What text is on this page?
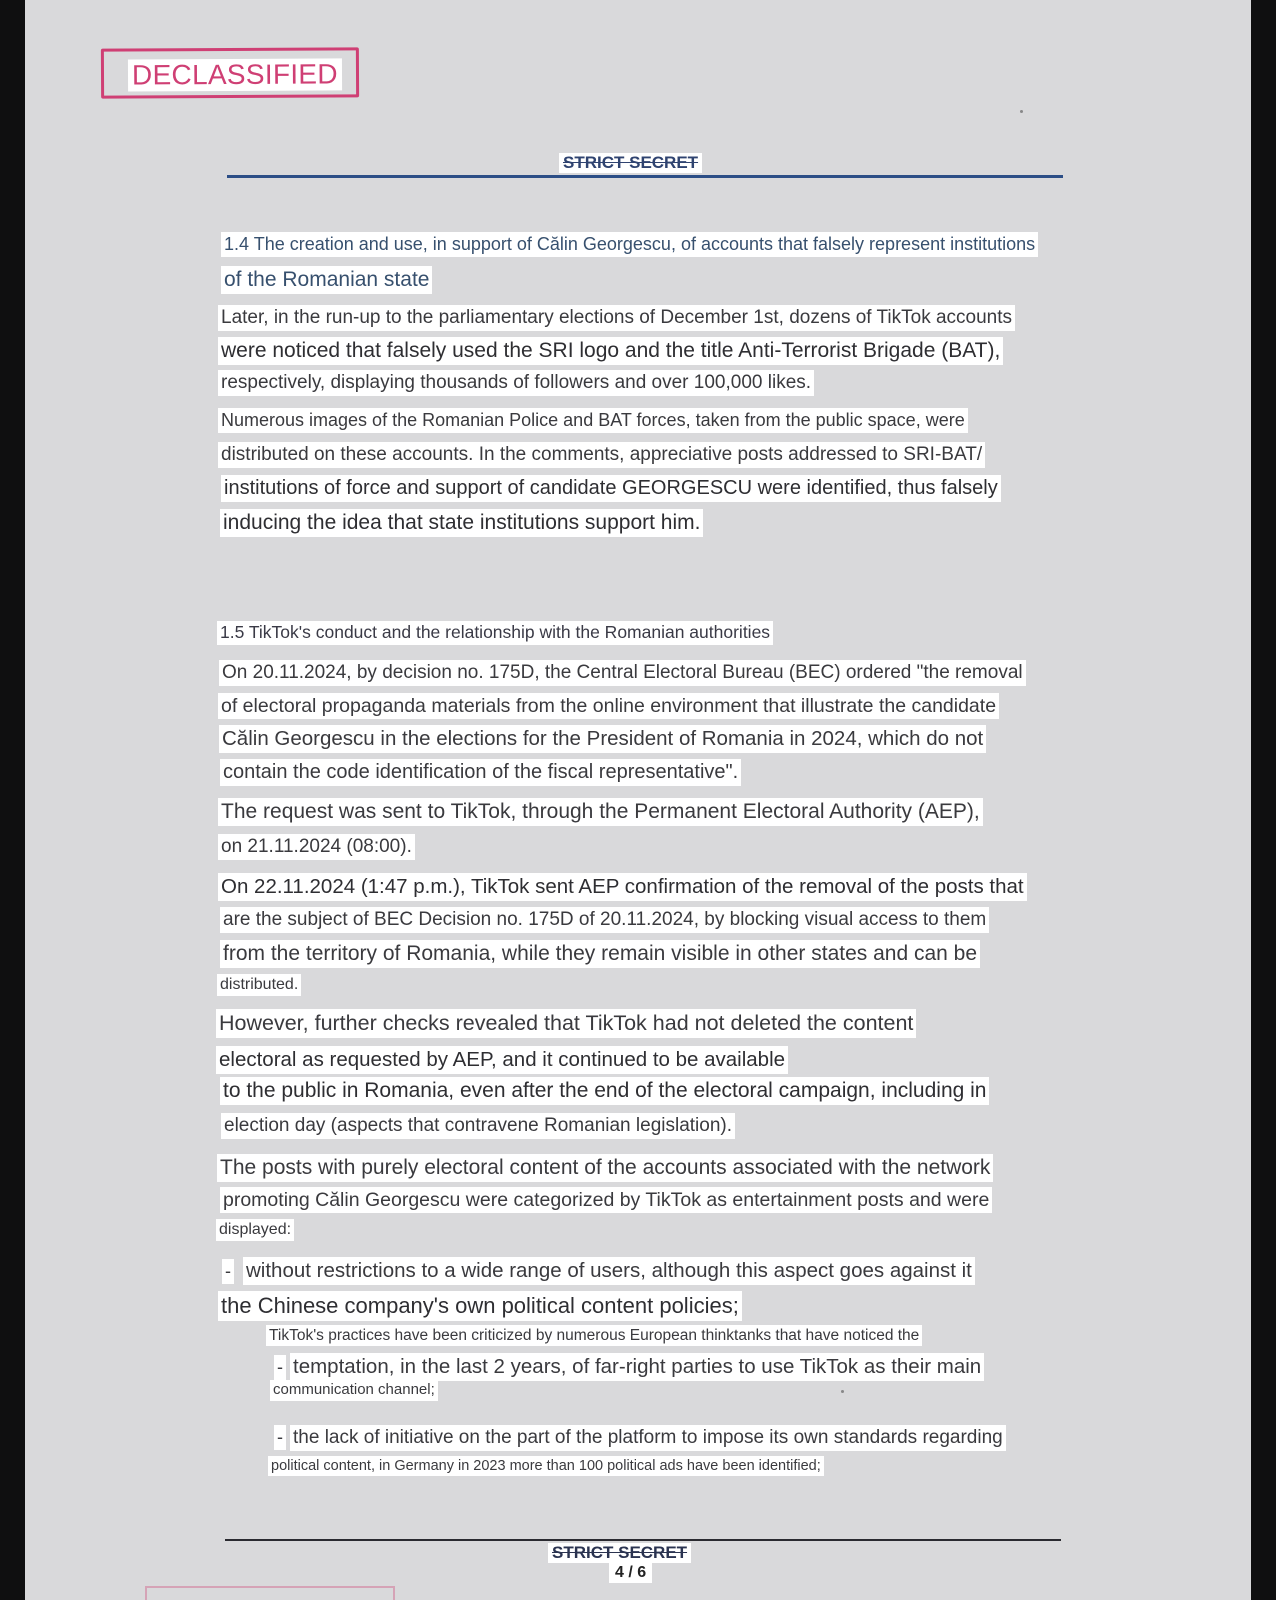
DECLASSIFIED
STRICT SECRET
1.4 The creation and use, in support of Călin Georgescu, of accounts that falsely represent institutions
of the Romanian state
Later, in the run-up to the parliamentary elections of December 1st, dozens of TikTok accounts
were noticed that falsely used the SRI logo and the title Anti-Terrorist Brigade (BAT),
respectively, displaying thousands of followers and over 100,000 likes.
Numerous images of the Romanian Police and BAT forces, taken from the public space, were
distributed on these accounts. In the comments, appreciative posts addressed to SRI-BAT/
institutions of force and support of candidate GEORGESCU were identified, thus falsely
inducing the idea that state institutions support him.
1.5 TikTok's conduct and the relationship with the Romanian authorities
On 20.11.2024, by decision no. 175D, the Central Electoral Bureau (BEC) ordered "the removal
of electoral propaganda materials from the online environment that illustrate the candidate
Călin Georgescu in the elections for the President of Romania in 2024, which do not
contain the code identification of the fiscal representative".
The request was sent to TikTok, through the Permanent Electoral Authority (AEP),
on 21.11.2024 (08:00).
On 22.11.2024 (1:47 p.m.), TikTok sent AEP confirmation of the removal of the posts that
are the subject of BEC Decision no. 175D of 20.11.2024, by blocking visual access to them
from the territory of Romania, while they remain visible in other states and can be
distributed.
However, further checks revealed that TikTok had not deleted the content
electoral as requested by AEP, and it continued to be available
to the public in Romania, even after the end of the electoral campaign, including in
election day (aspects that contravene Romanian legislation).
The posts with purely electoral content of the accounts associated with the network
promoting Călin Georgescu were categorized by TikTok as entertainment posts and were
displayed:
- without restrictions to a wide range of users, although this aspect goes against it
the Chinese company's own political content policies;
TikTok's practices have been criticized by numerous European thinktanks that have noticed the
- temptation, in the last 2 years, of far-right parties to use TikTok as their main
communication channel;
- the lack of initiative on the part of the platform to impose its own standards regarding
political content, in Germany in 2023 more than 100 political ads have been identified;
STRICT SECRET
4 / 6
